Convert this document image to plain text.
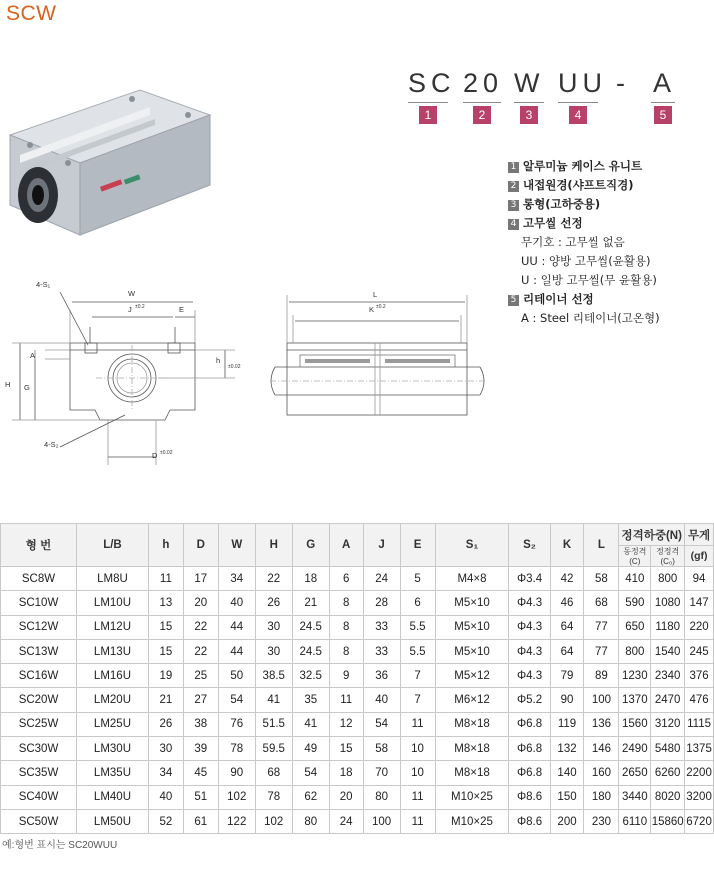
SCW
SC 20 W UU - A
1	2	3	4	5
1 알루미늄 케이스 유니트
2 내접원경(샤프트직경)
3 롱형(고하중용)
4 고무씰 선정
무기호 : 고무씰 없음
UU : 양방 고무씰(윤활용)
U : 일방 고무씰(무 윤활용)
5 리테이너 선정
A : Steel 리테이너(고온형)
4-S₁
W
J ±0.2	E
H G
A
h
±0.02
4-S₂
D ±0.02
L
K ±0.2
형 번	L/B	h	D	W	H	G	A	J	E	S₁	S₂	K	L	정격하중(N)		무게
														동정격(C)	정정격(C₀)	(gf)
SC8W	LM8U	11	17	34	22	18	6	24	5	M4×8	Φ3.4	42	58	410	800	94
SC10W	LM10U	13	20	40	26	21	8	28	6	M5×10	Φ4.3	46	68	590	1080	147
SC12W	LM12U	15	22	44	30	24.5	8	33	5.5	M5×10	Φ4.3	64	77	650	1180	220
SC13W	LM13U	15	22	44	30	24.5	8	33	5.5	M5×10	Φ4.3	64	77	800	1540	245
SC16W	LM16U	19	25	50	38.5	32.5	9	36	7	M5×12	Φ4.3	79	89	1230	2340	376
SC20W	LM20U	21	27	54	41	35	11	40	7	M6×12	Φ5.2	90	100	1370	2470	476
SC25W	LM25U	26	38	76	51.5	41	12	54	11	M8×18	Φ6.8	119	136	1560	3120	1115
SC30W	LM30U	30	39	78	59.5	49	15	58	10	M8×18	Φ6.8	132	146	2490	5480	1375
SC35W	LM35U	34	45	90	68	54	18	70	10	M8×18	Φ6.8	140	160	2650	6260	2200
SC40W	LM40U	40	51	102	78	62	20	80	11	M10×25	Φ8.6	150	180	3440	8020	3200
SC50W	LM50U	52	61	122	102	80	24	100	11	M10×25	Φ8.6	200	230	6110	15860	6720
예:형번 표시는 SC20WUU
